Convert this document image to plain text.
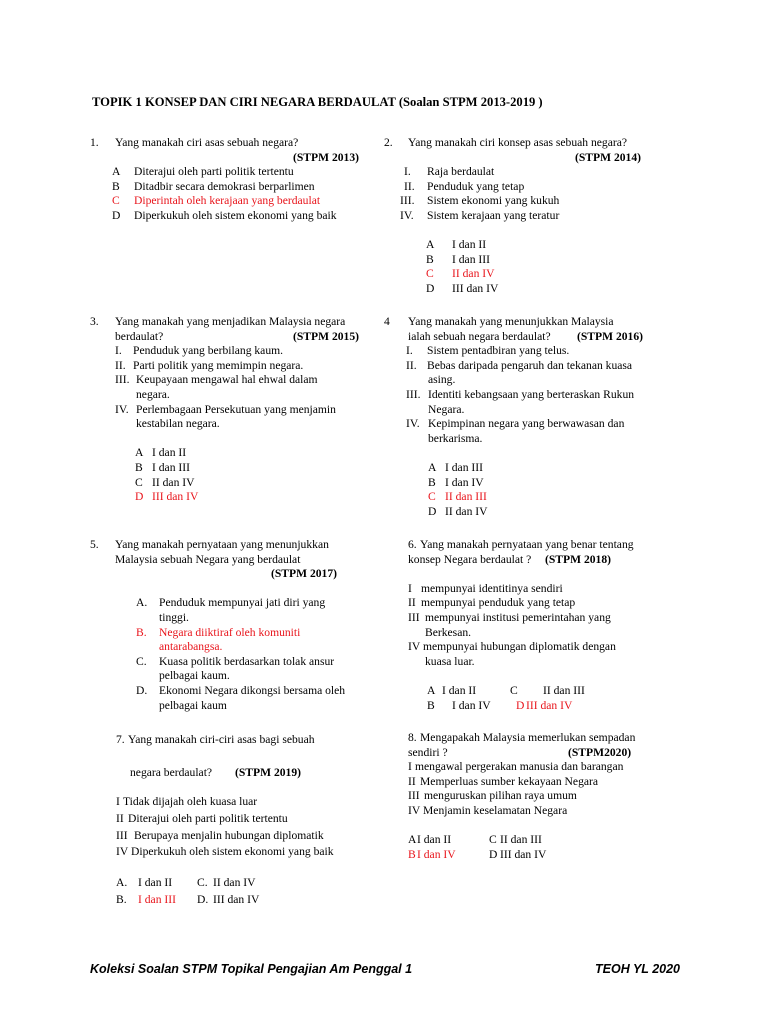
TOPIK 1 KONSEP DAN CIRI NEGARA BERDAULAT (Soalan STPM 2013-2019 )
1. Yang manakah ciri asas sebuah negara?
(STPM 2013)
A Diterajui oleh parti politik tertentu
B Ditadbir secara demokrasi berparlimen
C Diperintah oleh kerajaan yang berdaulat
D Diperkukuh oleh sistem ekonomi yang baik
2. Yang manakah ciri konsep asas sebuah negara?
(STPM 2014)
I. Raja berdaulat
II. Penduduk yang tetap
III. Sistem ekonomi yang kukuh
IV. Sistem kerajaan yang teratur
A I dan II
B I dan III
C II dan IV
D III dan IV
3. Yang manakah yang menjadikan Malaysia negara
berdaulat?	(STPM 2015)
I. Penduduk yang berbilang kaum.
II. Parti politik yang memimpin negara.
III. Keupayaan mengawal hal ehwal dalam
negara.
IV. Perlembagaan Persekutuan yang menjamin
kestabilan negara.
A I dan II
B I dan III
C II dan IV
D III dan IV
4 Yang manakah yang menunjukkan Malaysia
ialah sebuah negara berdaulat? (STPM 2016)
I. Sistem pentadbiran yang telus.
II. Bebas daripada pengaruh dan tekanan kuasa
asing.
III. Identiti kebangsaan yang berteraskan Rukun
Negara.
IV. Kepimpinan negara yang berwawasan dan
berkarisma.
A I dan III
B I dan IV
C II dan III
D II dan IV
5. Yang manakah pernyataan yang menunjukkan
Malaysia sebuah Negara yang berdaulat
(STPM 2017)
A. Penduduk mempunyai jati diri yang
tinggi.
B. Negara diiktiraf oleh komuniti
antarabangsa.
C. Kuasa politik berdasarkan tolak ansur
pelbagai kaum.
D. Ekonomi Negara dikongsi bersama oleh
pelbagai kaum
6. Yang manakah pernyataan yang benar tentang
konsep Negara berdaulat ? (STPM 2018)
I mempunyai identitinya sendiri
II mempunyai penduduk yang tetap
III mempunyai institusi pemerintahan yang
Berkesan.
IV mempunyai hubungan diplomatik dengan
kuasa luar.
A I dan II	C II dan III
B I dan IV D III dan IV
7. Yang manakah ciri-ciri asas bagi sebuah
negara berdaulat? (STPM 2019)
I Tidak dijajah oleh kuasa luar
II Diterajui oleh parti politik tertentu
III Berupaya menjalin hubungan diplomatik
IV Diperkukuh oleh sistem ekonomi yang baik
A. I dan II C. II dan IV
B. I dan III D. III dan IV
8. Mengapakah Malaysia memerlukan sempadan
sendiri ?	(STPM2020)
I mengawal pergerakan manusia dan barangan
II Memperluas sumber kekayaan Negara
III menguruskan pilihan raya umum
IV Menjamin keselamatan Negara
A I dan II	C II dan III
B I dan IV	D III dan IV
Koleksi Soalan STPM Topikal Pengajian Am Penggal 1	TEOH YL 2020
